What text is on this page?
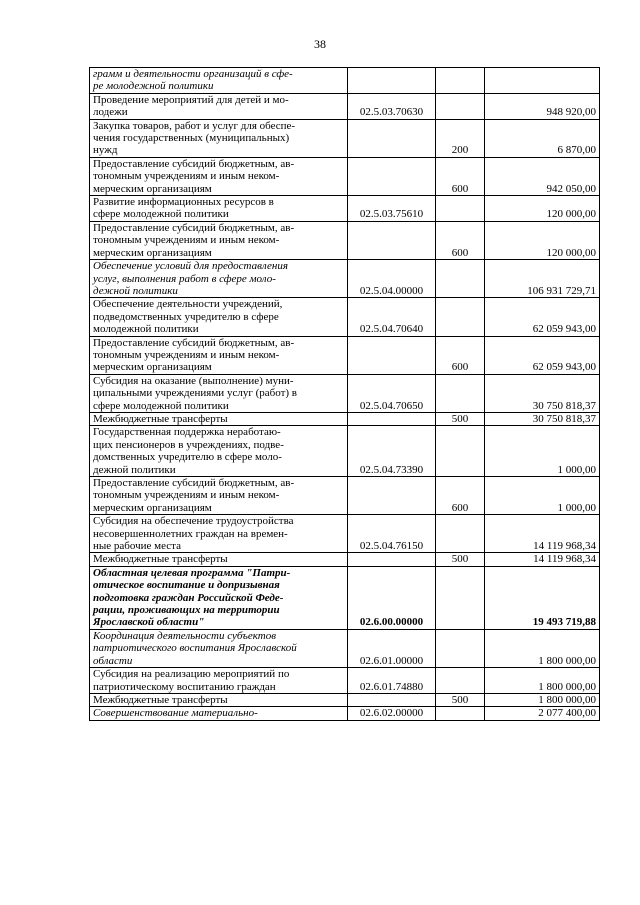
38
грамм и деятельности организаций в сфе-
ре молодежной политики			

Проведение мероприятий для детей и мо-
лодежи	02.5.03.70630		948 920,00

Закупка товаров, работ и услуг для обеспе-
чения государственных (муниципальных)
нужд		200	6 870,00

Предоставление субсидий бюджетным, ав-
тономным учреждениям и иным неком-
мерческим организациям		600	942 050,00

Развитие информационных ресурсов в
сфере молодежной политики	02.5.03.75610		120 000,00

Предоставление субсидий бюджетным, ав-
тономным учреждениям и иным неком-
мерческим организациям		600	120 000,00

Обеспечение условий для предоставления
услуг, выполнения работ в сфере моло-
дежной политики	02.5.04.00000		106 931 729,71

Обеспечение деятельности учреждений,
подведомственных учредителю в сфере
молодежной политики	02.5.04.70640		62 059 943,00

Предоставление субсидий бюджетным, ав-
тономным учреждениям и иным неком-
мерческим организациям		600	62 059 943,00

Субсидия на оказание (выполнение) муни-
ципальными учреждениями услуг (работ) в
сфере молодежной политики	02.5.04.70650		30 750 818,37

Межбюджетные трансферты		500	30 750 818,37

Государственная поддержка неработаю-
щих пенсионеров в учреждениях, подве-
домственных учредителю в сфере моло-
дежной политики	02.5.04.73390		1 000,00

Предоставление субсидий бюджетным, ав-
тономным учреждениям и иным неком-
мерческим организациям		600	1 000,00

Субсидия на обеспечение трудоустройства
несовершеннолетних граждан на времен-
ные рабочие места	02.5.04.76150		14 119 968,34

Межбюджетные трансферты		500	14 119 968,34

Областная целевая программа "Патри-
отическое воспитание и допризывная
подготовка граждан Российской Феде-
рации, проживающих на территории
Ярославской области"	02.6.00.00000		19 493 719,88

Координация деятельности субъектов
патриотического воспитания Ярославской
области	02.6.01.00000		1 800 000,00

Субсидия на реализацию мероприятий по
патриотическому воспитанию граждан	02.6.01.74880		1 800 000,00

Межбюджетные трансферты		500	1 800 000,00

Совершенствование материально-	02.6.02.00000		2 077 400,00
